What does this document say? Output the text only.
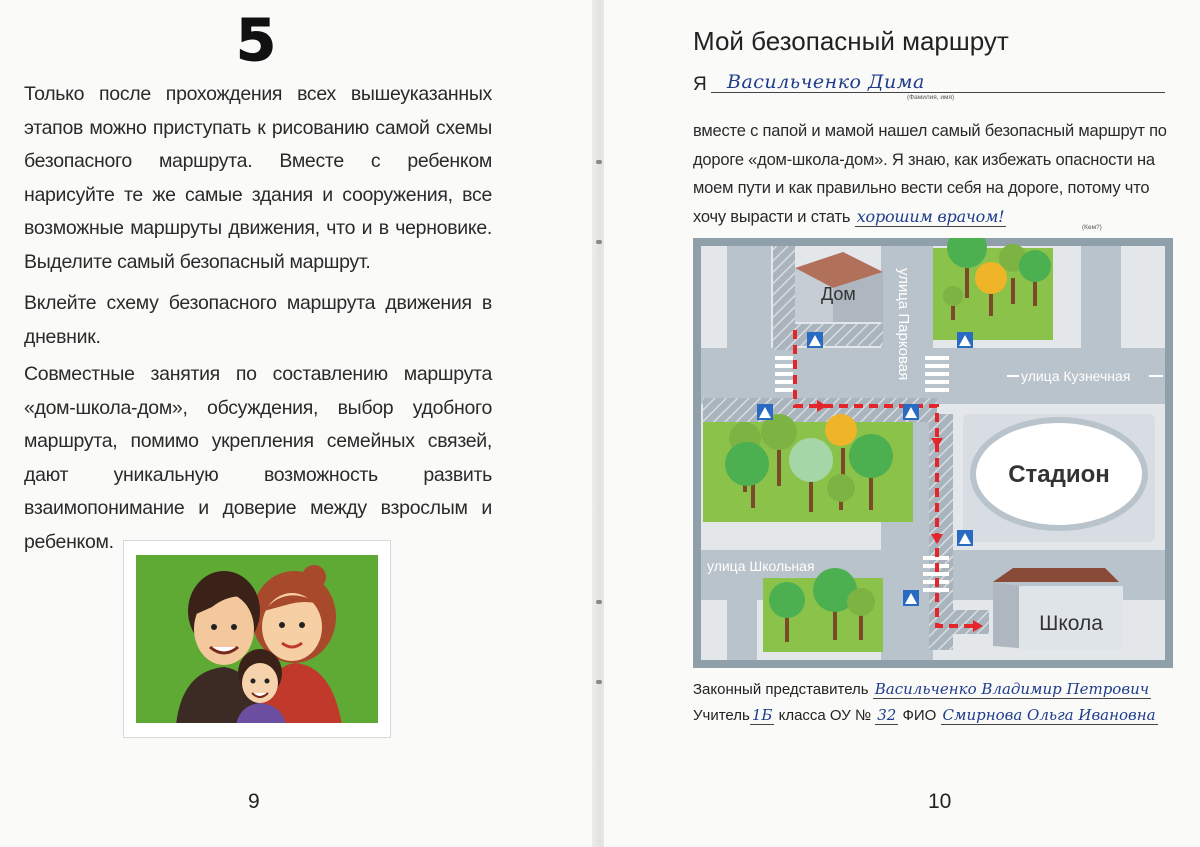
5

Только после прохождения всех вышеуказанных этапов можно приступать к рисованию самой схемы безопасного маршрута. Вместе с ребенком нарисуйте те же самые здания и сооружения, все возможные маршруты движения, что и в черновике. Выделите самый безопасный маршрут.

Вклейте схему безопасного маршрута движения в дневник.

Совместные занятия по составлению маршрута «дом-школа-дом», обсуждения, выбор удобного маршрута, помимо укрепления семейных связей, дают уникальную возможность развить взаимопонимание и доверие между взрослым и ребенком.

9
Мой безопасный маршрут
Я Васильченко Дима
(Фамилия, имя)
вместе с папой и мамой нашел самый безопасный маршрут по дороге «дом-школа-дом». Я знаю, как избежать опасности на моем пути и как правильно вести себя на дороге, потому что хочу вырасти и стать хорошим врачом!
(Кем?)
Стадион
Дом
Школа
улица Парковая	улица Кузнечная
улица Школьная
Законный представитель Васильченко Владимир Петрович
Учитель 1Б класса ОУ № 32 ФИО Смирнова Ольга Ивановна
10
